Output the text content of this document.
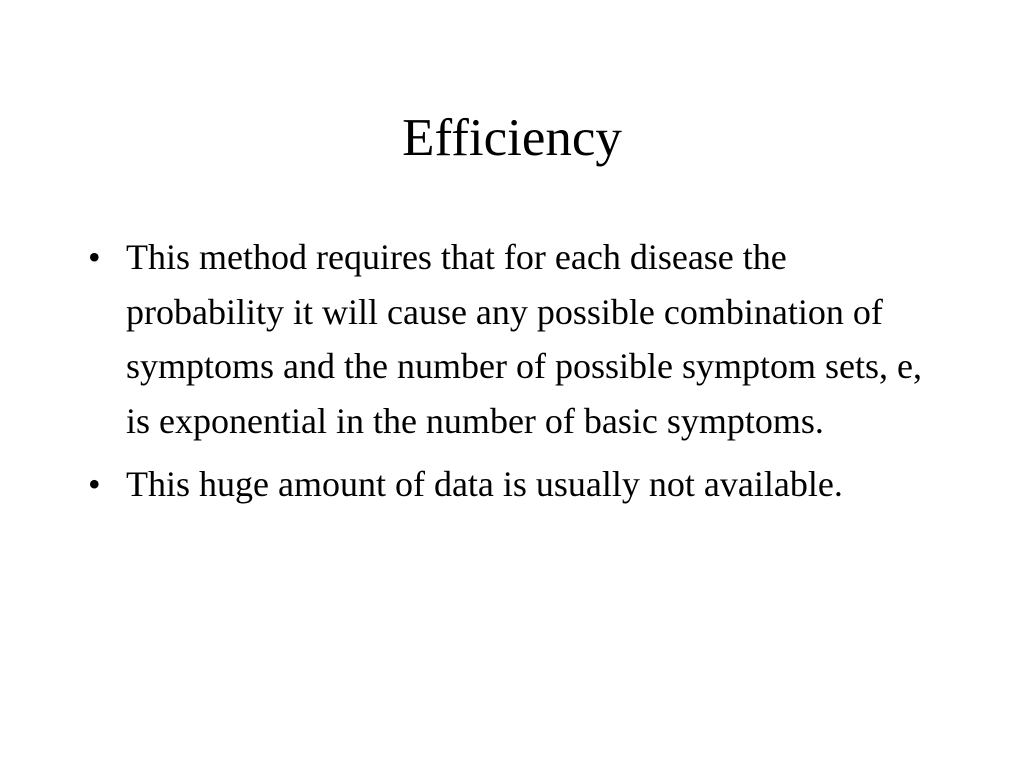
Efficiency
• This method requires that for each disease the probability it will cause any possible combination of symptoms and the number of possible symptom sets, e, is exponential in the number of basic symptoms.
• This huge amount of data is usually not available.
